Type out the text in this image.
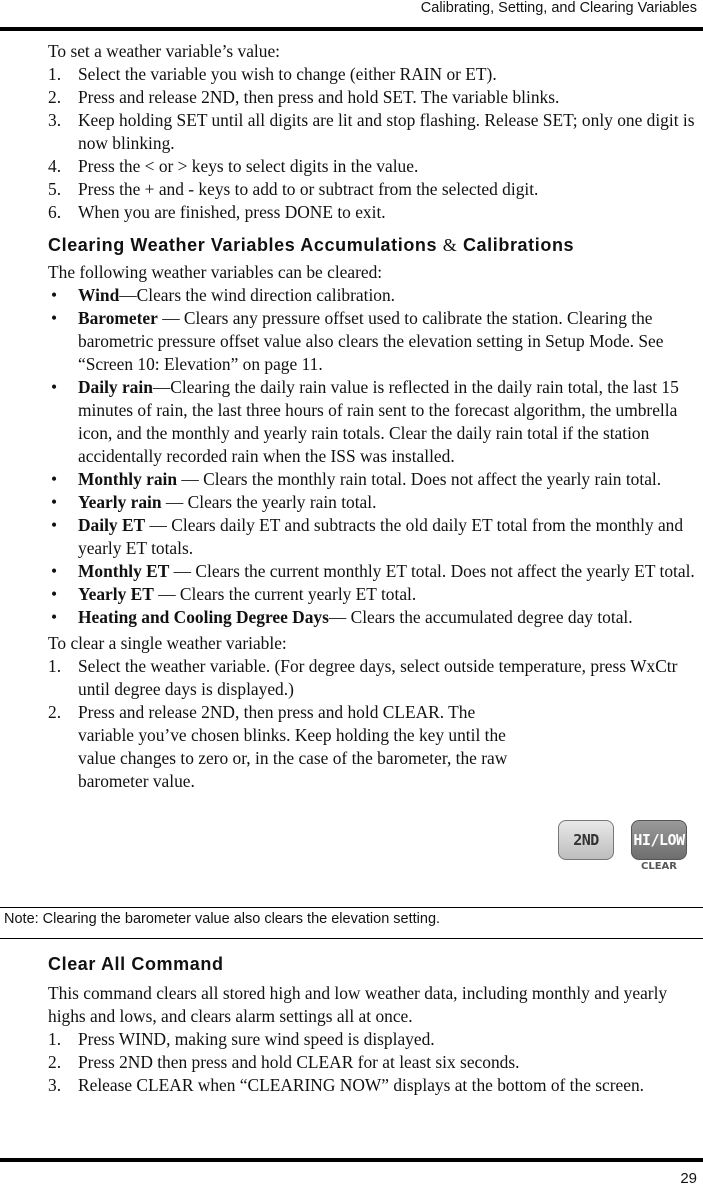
Calibrating, Setting, and Clearing Variables

To set a weather variable’s value:

1. Select the variable you wish to change (either RAIN or ET).
2. Press and release 2ND, then press and hold SET. The variable blinks.
3. Keep holding SET until all digits are lit and stop flashing. Release SET; only one digit is now blinking.
4. Press the < or > keys to select digits in the value.
5. Press the + and - keys to add to or subtract from the selected digit.
6. When you are finished, press DONE to exit.
Clearing Weather Variables Accumulations & Calibrations

The following weather variables can be cleared:

• Wind—Clears the wind direction calibration.
• Barometer — Clears any pressure offset used to calibrate the station. Clearing the barometric pressure offset value also clears the elevation setting in Setup Mode. See “Screen 10: Elevation” on page 11.
• Daily rain—Clearing the daily rain value is reflected in the daily rain total, the last 15 minutes of rain, the last three hours of rain sent to the forecast algorithm, the umbrella icon, and the monthly and yearly rain totals. Clear the daily rain total if the station accidentally recorded rain when the ISS was installed.
• Monthly rain — Clears the monthly rain total. Does not affect the yearly rain total.
• Yearly rain — Clears the yearly rain total.
• Daily ET — Clears daily ET and subtracts the old daily ET total from the monthly and yearly ET totals.
• Monthly ET — Clears the current monthly ET total. Does not affect the yearly ET total.
• Yearly ET — Clears the current yearly ET total.
• Heating and Cooling Degree Days— Clears the accumulated degree day total.

To clear a single weather variable:

1. Select the weather variable. (For degree days, select outside temperature, press WxCtr until degree days is displayed.)
2. Press and release 2ND, then press and hold CLEAR. The variable you’ve chosen blinks. Keep holding the key until the value changes to zero or, in the case of the barometer, the raw barometer value.
2ND	HI/LOW
CLEAR
Note: Clearing the barometer value also clears the elevation setting.
Clear All Command

This command clears all stored high and low weather data, including monthly and yearly highs and lows, and clears alarm settings all at once.

1. Press WIND, making sure wind speed is displayed.
2. Press 2ND then press and hold CLEAR for at least six seconds.
3. Release CLEAR when “CLEARING NOW” displays at the bottom of the screen.
29
